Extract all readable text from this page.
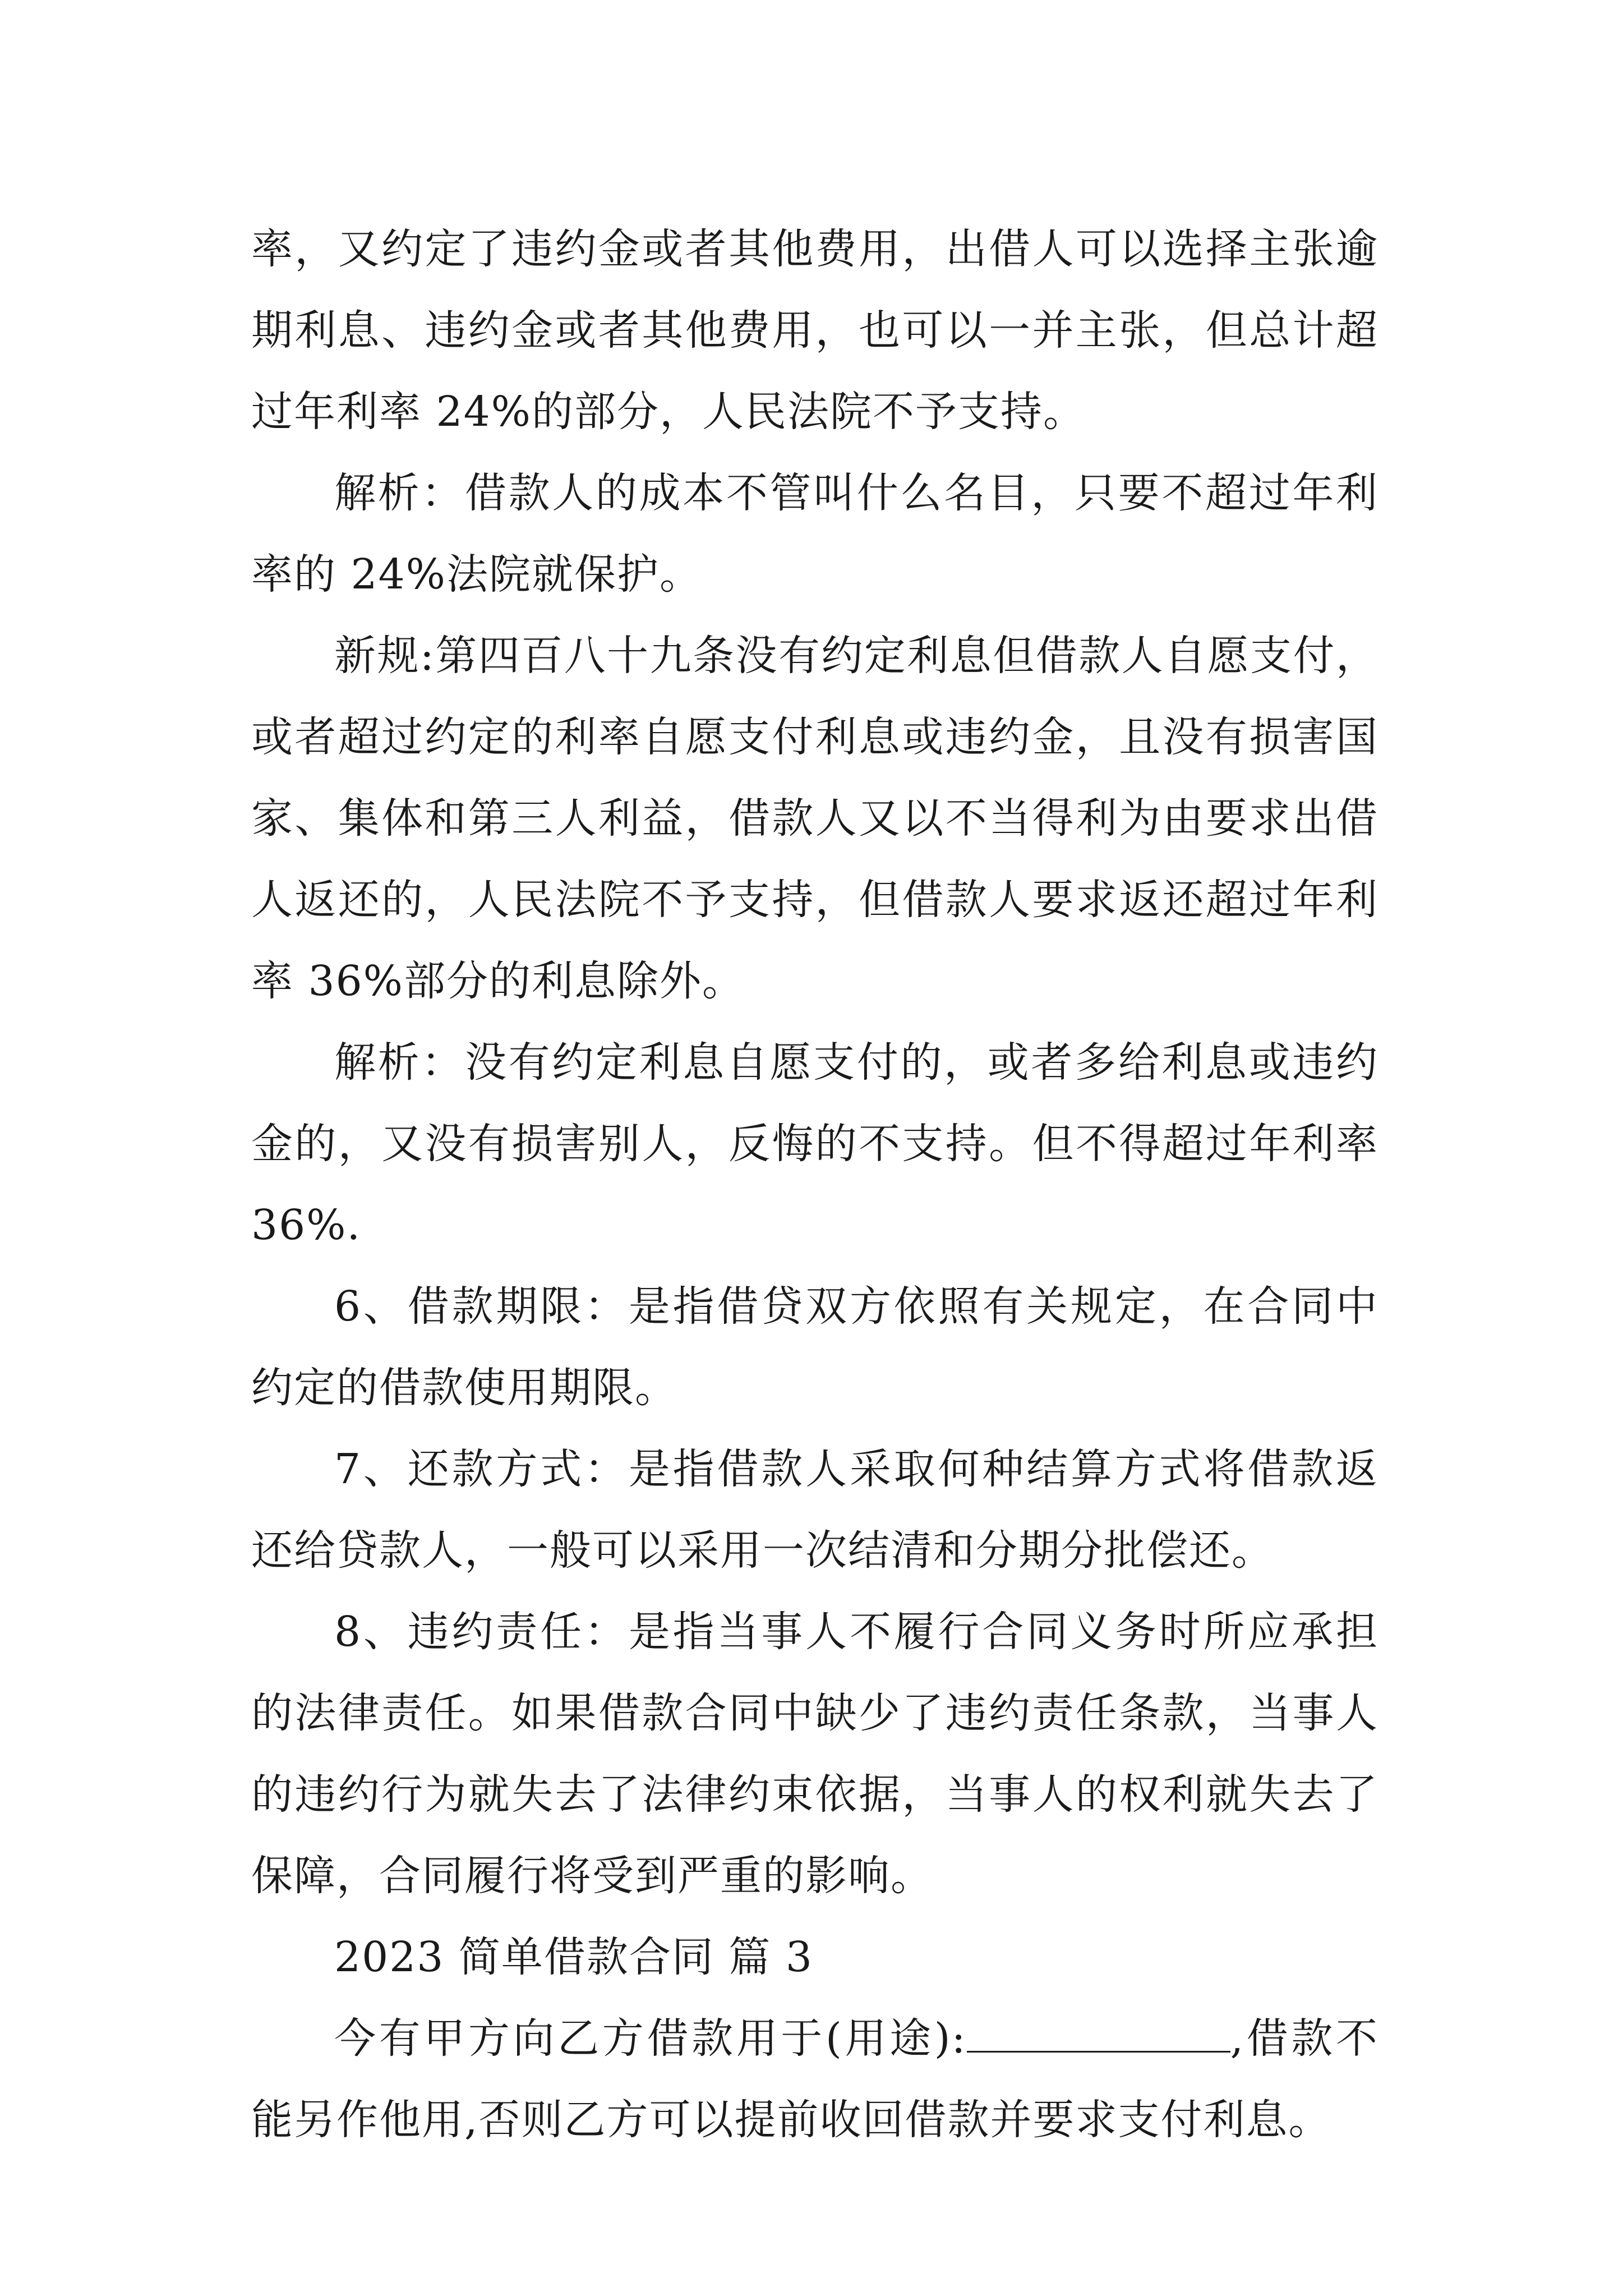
率，又约定了违约金或者其他费用，出借人可以选择主张逾期利息、违约金或者其他费用，也可以一并主张，但总计超过年利率 24%的部分，人民法院不予支持。

解析：借款人的成本不管叫什么名目，只要不超过年利率的 24%法院就保护。

新规:第四百八十九条没有约定利息但借款人自愿支付，或者超过约定的利率自愿支付利息或违约金，且没有损害国家、集体和第三人利益，借款人又以不当得利为由要求出借人返还的，人民法院不予支持，但借款人要求返还超过年利率 36%部分的利息除外。

解析：没有约定利息自愿支付的，或者多给利息或违约金的，又没有损害别人，反悔的不支持。但不得超过年利率 36%.

6、借款期限：是指借贷双方依照有关规定，在合同中约定的借款使用期限。

7、还款方式：是指借款人采取何种结算方式将借款返还给贷款人，一般可以采用一次结清和分期分批偿还。

8、违约责任：是指当事人不履行合同义务时所应承担的法律责任。如果借款合同中缺少了违约责任条款，当事人的违约行为就失去了法律约束依据，当事人的权利就失去了保障，合同履行将受到严重的影响。

2023 简单借款合同 篇 3

今有甲方向乙方借款用于(用途):	,借款不能另作他用,否则乙方可以提前收回借款并要求支付利息。
